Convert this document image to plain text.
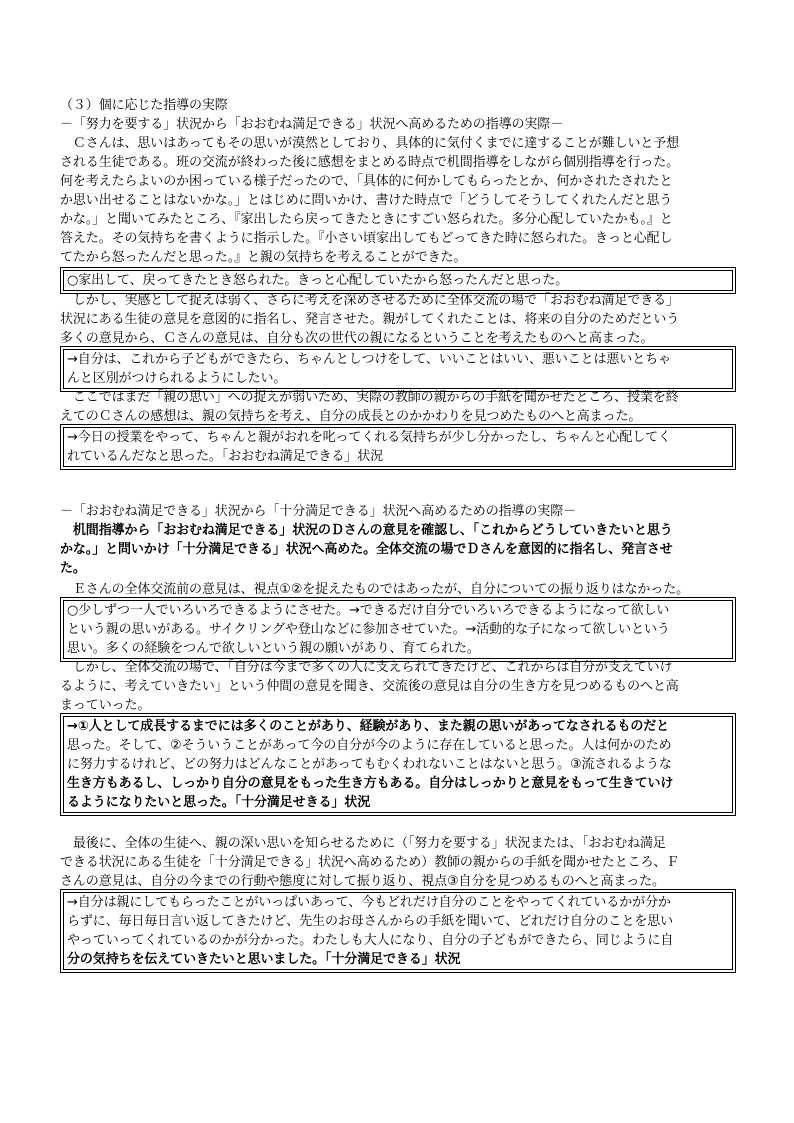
（３）個に応じた指導の実際
－「努力を要する」状況から「おおむね満足できる」状況へ高めるための指導の実際－
　Ｃさんは、思いはあってもその思いが漠然としており、具体的に気付くまでに達することが難しいと予想
される生徒である。班の交流が終わった後に感想をまとめる時点で机間指導をしながら個別指導を行った。
何を考えたらよいのか困っている様子だったので、「具体的に何かしてもらったとか、何かされたされたと
か思い出せることはないかな。」とはじめに問いかけ、書けた時点で「どうしてそうしてくれたんだと思う
かな。」と聞いてみたところ、『家出したら戻ってきたときにすごい怒られた。多分心配していたかも。』と
答えた。その気持ちを書くように指示した。『小さい頃家出してもどってきた時に怒られた。きっと心配し
てたから怒ったんだと思った。』と親の気持ちを考えることができた。
○家出して、戻ってきたとき怒られた。きっと心配していたから怒ったんだと思った。
　しかし、実感として捉えは弱く、さらに考えを深めさせるために全体交流の場で「おおむね満足できる」
状況にある生徒の意見を意図的に指名し、発言させた。親がしてくれたことは、将来の自分のためだという
多くの意見から、Ｃさんの意見は、自分も次の世代の親になるということを考えたものへと高まった。
→自分は、これから子どもができたら、ちゃんとしつけをして、いいことはいい、悪いことは悪いとちゃ
んと区別がつけられるようにしたい。
　ここではまだ「親の思い」への捉えが弱いため、実際の教師の親からの手紙を聞かせたところ、授業を終
えてのＣさんの感想は、親の気持ちを考え、自分の成長とのかかわりを見つめたものへと高まった。
→今日の授業をやって、ちゃんと親がおれを叱ってくれる気持ちが少し分かったし、ちゃんと心配してく
れているんだなと思った。「おおむね満足できる」状況
－「おおむね満足できる」状況から「十分満足できる」状況へ高めるための指導の実際－
　机間指導から「おおむね満足できる」状況のＤさんの意見を確認し、「これからどうしていきたいと思う
かな。」と問いかけ「十分満足できる」状況へ高めた。全体交流の場でＤさんを意図的に指名し、発言させ
た。
　Ｅさんの全体交流前の意見は、視点①②を捉えたものではあったが、自分についての振り返りはなかった。
○少しずつ一人でいろいろできるようにさせた。→できるだけ自分でいろいろできるようになって欲しい
という親の思いがある。サイクリングや登山などに参加させていた。→活動的な子になって欲しいという
思い。多くの経験をつんで欲しいという親の願いがあり、育てられた。
　しかし、全体交流の場で、「自分は今まで多くの人に支えられてきたけど、これからは自分が支えていけ
るように、考えていきたい」という仲間の意見を聞き、交流後の意見は自分の生き方を見つめるものへと高
まっていった。
→①人として成長するまでには多くのことがあり、経験があり、また親の思いがあってなされるものだと
思った。そして、②そういうことがあって今の自分が今のように存在していると思った。人は何かのため
に努力するけれど、どの努力はどんなことがあってもむくわれないことはないと思う。③流されるような
生き方もあるし、しっかり自分の意見をもった生き方もある。自分はしっかりと意見をもって生きていけ
るようになりたいと思った。「十分満足せきる」状況
　最後に、全体の生徒へ、親の深い思いを知らせるために（「努力を要する」状況または、「おおむね満足
できる状況にある生徒を「十分満足できる」状況へ高めるため）教師の親からの手紙を聞かせたところ、Ｆ
さんの意見は、自分の今までの行動や態度に対して振り返り、視点③自分を見つめるものへと高まった。
→自分は親にしてもらったことがいっぱいあって、今もどれだけ自分のことをやってくれているかが分か
らずに、毎日毎日言い返してきたけど、先生のお母さんからの手紙を聞いて、どれだけ自分のことを思い
やっていってくれているのかが分かった。わたしも大人になり、自分の子どもができたら、同じように自
分の気持ちを伝えていきたいと思いました。「十分満足できる」状況
